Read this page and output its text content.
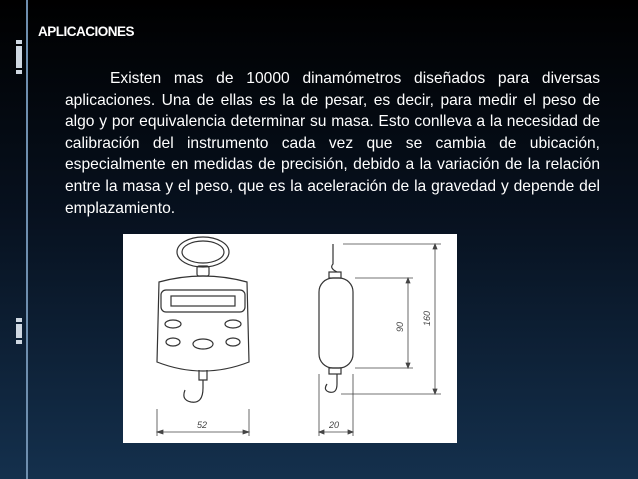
APLICACIONES

Existen mas de 10000 dinamómetros diseñados para diversas aplicaciones. Una de ellas es la de pesar, es decir, para medir el peso de algo y por equivalencia determinar su masa. Esto conlleva a la necesidad de calibración del instrumento cada vez que se cambia de ubicación, especialmente en medidas de precisión, debido a la variación de la relación entre la masa y el peso, que es la aceleración de la gravedad y depende del emplazamiento.

52	20
90
160
